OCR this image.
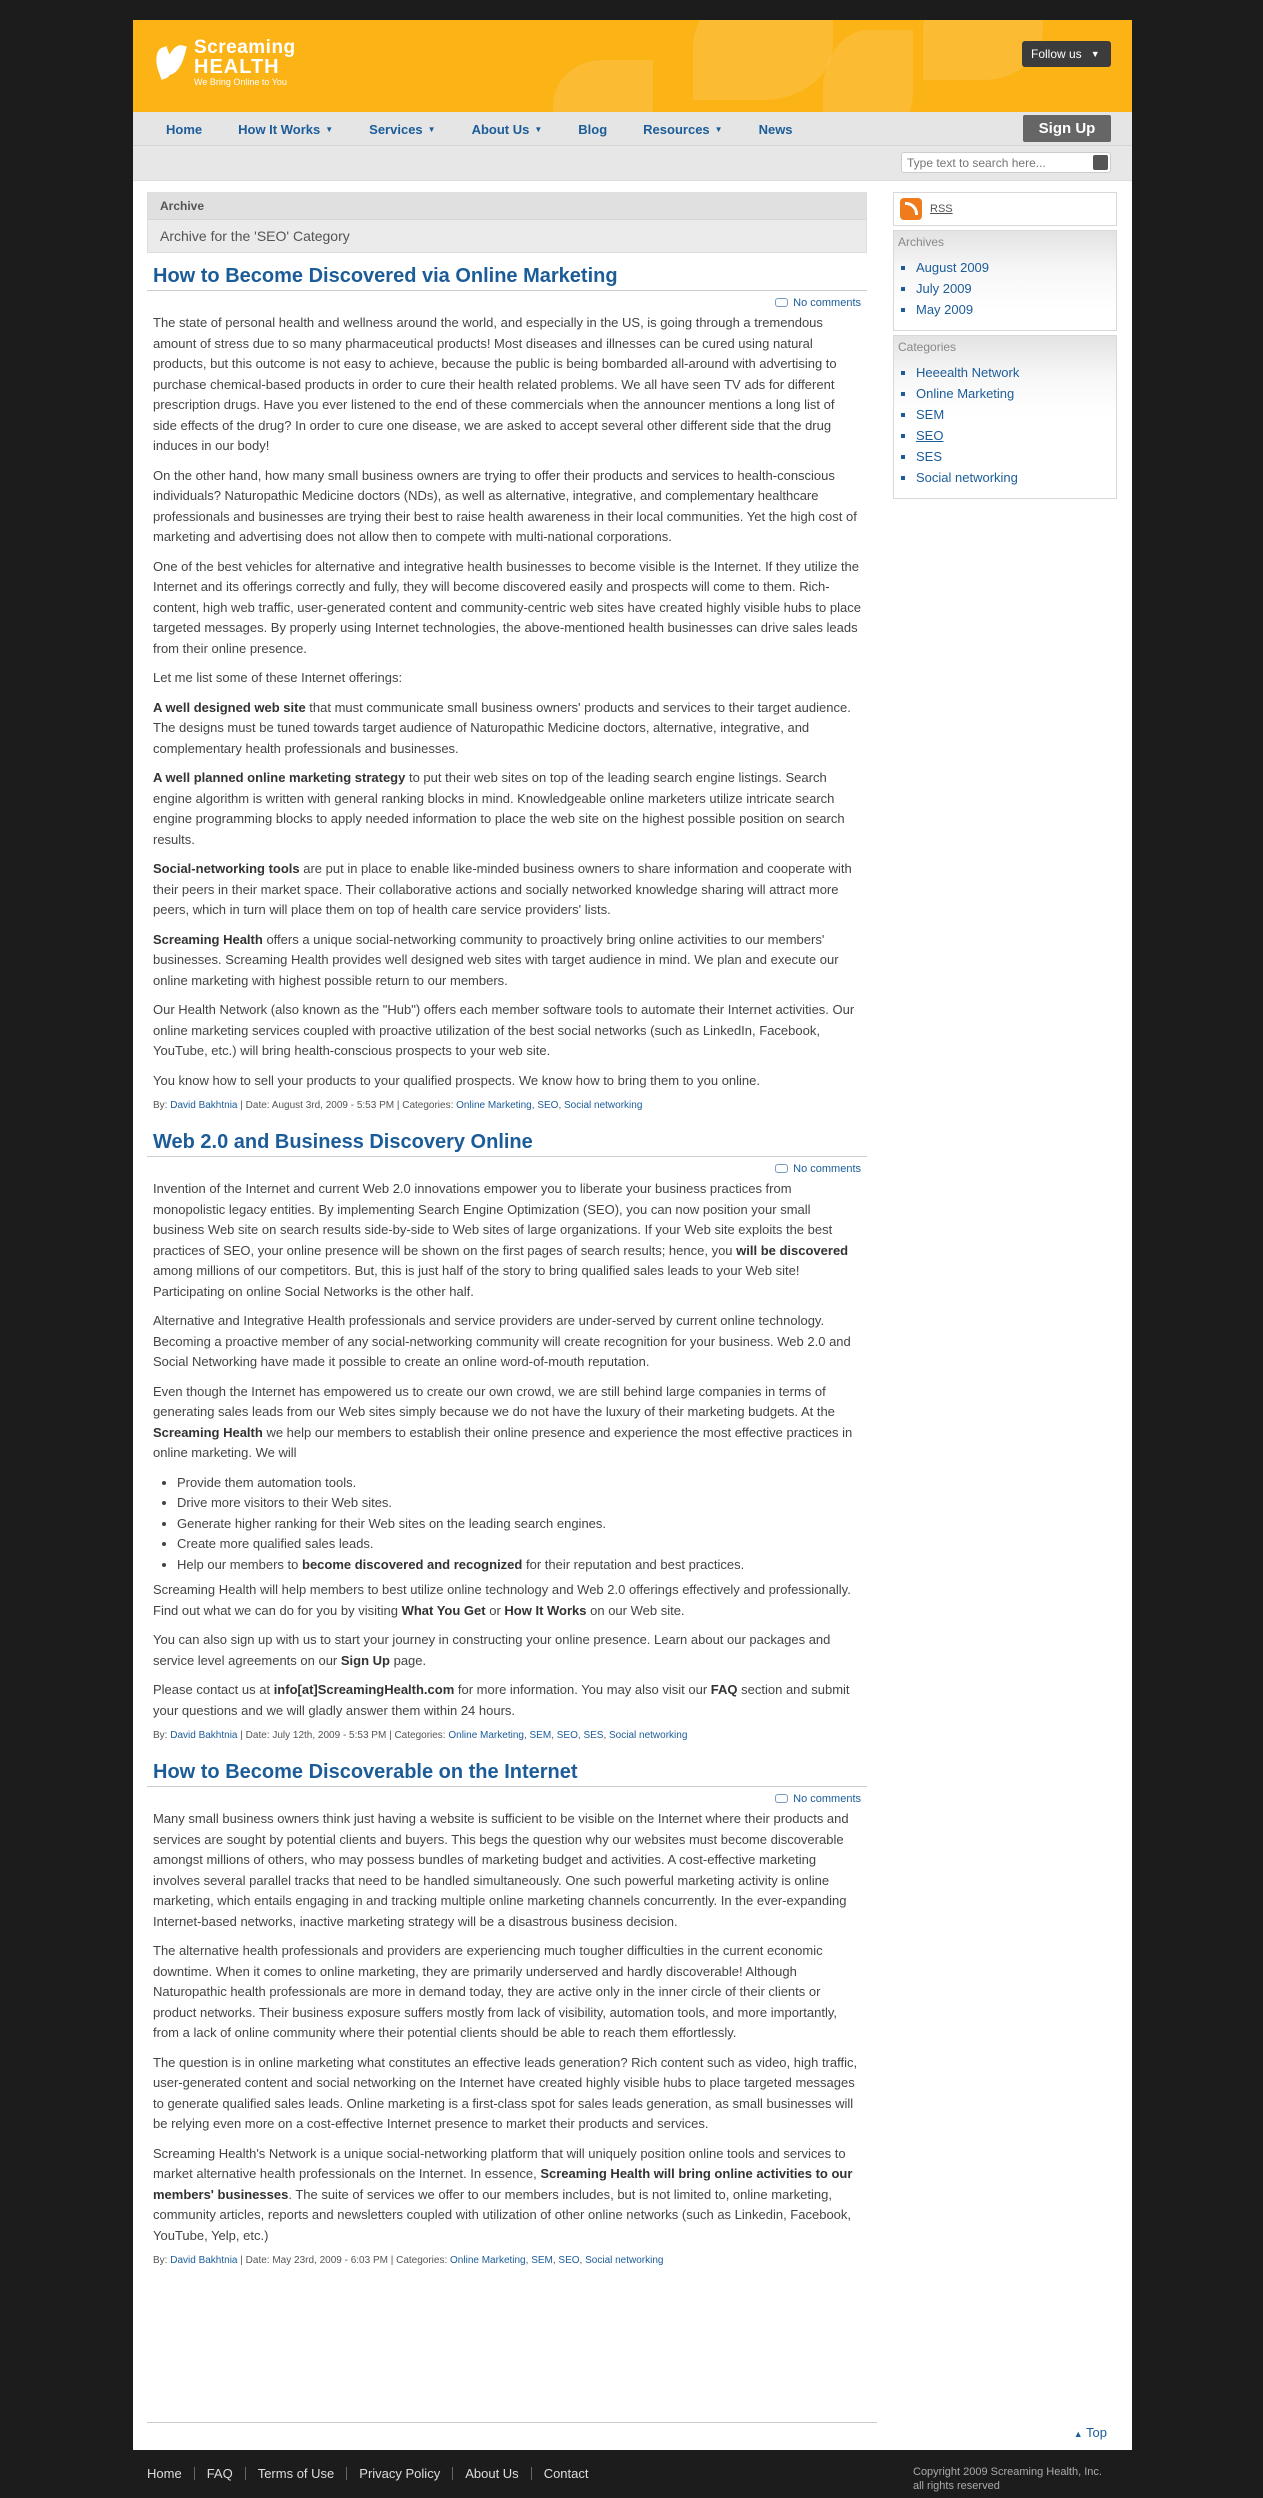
Screaming
HEALTH
We Bring Online to You
Follow us ▼
Home	How It Works ▼	Services ▼	About Us ▼	Blog	Resources ▼	News	Sign Up
Type text to search here...
Archive
Archive for the 'SEO' Category
How to Become Discovered via Online Marketing
No comments

The state of personal health and wellness around the world, and especially in the US, is going through a tremendous amount of stress due to so many pharmaceutical products! Most diseases and illnesses can be cured using natural products, but this outcome is not easy to achieve, because the public is being bombarded all-around with advertising to purchase chemical-based products in order to cure their health related problems. We all have seen TV ads for different prescription drugs. Have you ever listened to the end of these commercials when the announcer mentions a long list of side effects of the drug? In order to cure one disease, we are asked to accept several other different side that the drug induces in our body!

On the other hand, how many small business owners are trying to offer their products and services to health-conscious individuals? Naturopathic Medicine doctors (NDs), as well as alternative, integrative, and complementary healthcare professionals and businesses are trying their best to raise health awareness in their local communities. Yet the high cost of marketing and advertising does not allow then to compete with multi-national corporations.

One of the best vehicles for alternative and integrative health businesses to become visible is the Internet. If they utilize the Internet and its offerings correctly and fully, they will become discovered easily and prospects will come to them. Rich-content, high web traffic, user-generated content and community-centric web sites have created highly visible hubs to place targeted messages. By properly using Internet technologies, the above-mentioned health businesses can drive sales leads from their online presence.

Let me list some of these Internet offerings:

A well designed web site that must communicate small business owners' products and services to their target audience. The designs must be tuned towards target audience of Naturopathic Medicine doctors, alternative, integrative, and complementary health professionals and businesses.

A well planned online marketing strategy to put their web sites on top of the leading search engine listings. Search engine algorithm is written with general ranking blocks in mind. Knowledgeable online marketers utilize intricate search engine programming blocks to apply needed information to place the web site on the highest possible position on search results.

Social-networking tools are put in place to enable like-minded business owners to share information and cooperate with their peers in their market space. Their collaborative actions and socially networked knowledge sharing will attract more peers, which in turn will place them on top of health care service providers' lists.

Screaming Health offers a unique social-networking community to proactively bring online activities to our members' businesses. Screaming Health provides well designed web sites with target audience in mind. We plan and execute our online marketing with highest possible return to our members.

Our Health Network (also known as the "Hub") offers each member software tools to automate their Internet activities. Our online marketing services coupled with proactive utilization of the best social networks (such as LinkedIn, Facebook, YouTube, etc.) will bring health-conscious prospects to your web site.

You know how to sell your products to your qualified prospects. We know how to bring them to you online.

By: David Bakhtnia | Date: August 3rd, 2009 - 5:53 PM | Categories: Online Marketing, SEO, Social networking
Web 2.0 and Business Discovery Online
No comments

Invention of the Internet and current Web 2.0 innovations empower you to liberate your business practices from monopolistic legacy entities. By implementing Search Engine Optimization (SEO), you can now position your small business Web site on search results side-by-side to Web sites of large organizations. If your Web site exploits the best practices of SEO, your online presence will be shown on the first pages of search results; hence, you will be discovered among millions of our competitors. But, this is just half of the story to bring qualified sales leads to your Web site! Participating on online Social Networks is the other half.

Alternative and Integrative Health professionals and service providers are under-served by current online technology. Becoming a proactive member of any social-networking community will create recognition for your business. Web 2.0 and Social Networking have made it possible to create an online word-of-mouth reputation.

Even though the Internet has empowered us to create our own crowd, we are still behind large companies in terms of generating sales leads from our Web sites simply because we do not have the luxury of their marketing budgets. At the Screaming Health we help our members to establish their online presence and experience the most effective practices in online marketing. We will

• Provide them automation tools.
• Drive more visitors to their Web sites.
• Generate higher ranking for their Web sites on the leading search engines.
• Create more qualified sales leads.
• Help our members to become discovered and recognized for their reputation and best practices.

Screaming Health will help members to best utilize online technology and Web 2.0 offerings effectively and professionally. Find out what we can do for you by visiting What You Get or How It Works on our Web site.

You can also sign up with us to start your journey in constructing your online presence. Learn about our packages and service level agreements on our Sign Up page.

Please contact us at info[at]ScreamingHealth.com for more information. You may also visit our FAQ section and submit your questions and we will gladly answer them within 24 hours.

By: David Bakhtnia | Date: July 12th, 2009 - 5:53 PM | Categories: Online Marketing, SEM, SEO, SES, Social networking
How to Become Discoverable on the Internet
No comments

Many small business owners think just having a website is sufficient to be visible on the Internet where their products and services are sought by potential clients and buyers. This begs the question why our websites must become discoverable amongst millions of others, who may possess bundles of marketing budget and activities. A cost-effective marketing involves several parallel tracks that need to be handled simultaneously. One such powerful marketing activity is online marketing, which entails engaging in and tracking multiple online marketing channels concurrently. In the ever-expanding Internet-based networks, inactive marketing strategy will be a disastrous business decision.

The alternative health professionals and providers are experiencing much tougher difficulties in the current economic downtime. When it comes to online marketing, they are primarily underserved and hardly discoverable! Although Naturopathic health professionals are more in demand today, they are active only in the inner circle of their clients or product networks. Their business exposure suffers mostly from lack of visibility, automation tools, and more importantly, from a lack of online community where their potential clients should be able to reach them effortlessly.

The question is in online marketing what constitutes an effective leads generation? Rich content such as video, high traffic, user-generated content and social networking on the Internet have created highly visible hubs to place targeted messages to generate qualified sales leads. Online marketing is a first-class spot for sales leads generation, as small businesses will be relying even more on a cost-effective Internet presence to market their products and services.

Screaming Health's Network is a unique social-networking platform that will uniquely position online tools and services to market alternative health professionals on the Internet. In essence, Screaming Health will bring online activities to our members' businesses. The suite of services we offer to our members includes, but is not limited to, online marketing, community articles, reports and newsletters coupled with utilization of other online networks (such as Linkedin, Facebook, YouTube, Yelp, etc.)

By: David Bakhtnia | Date: May 23rd, 2009 - 6:03 PM | Categories: Online Marketing, SEM, SEO, Social networking
RSS
Archives
▪ August 2009
▪ July 2009
▪ May 2009
Categories
▪ Heeealth Network
▪ Online Marketing
▪ SEM
▪ SEO
▪ SES
▪ Social networking
▲ Top
Home	FAQ	Terms of Use	Privacy Policy	About Us	Contact	Copyright 2009 Screaming Health, Inc.
all rights reserved
